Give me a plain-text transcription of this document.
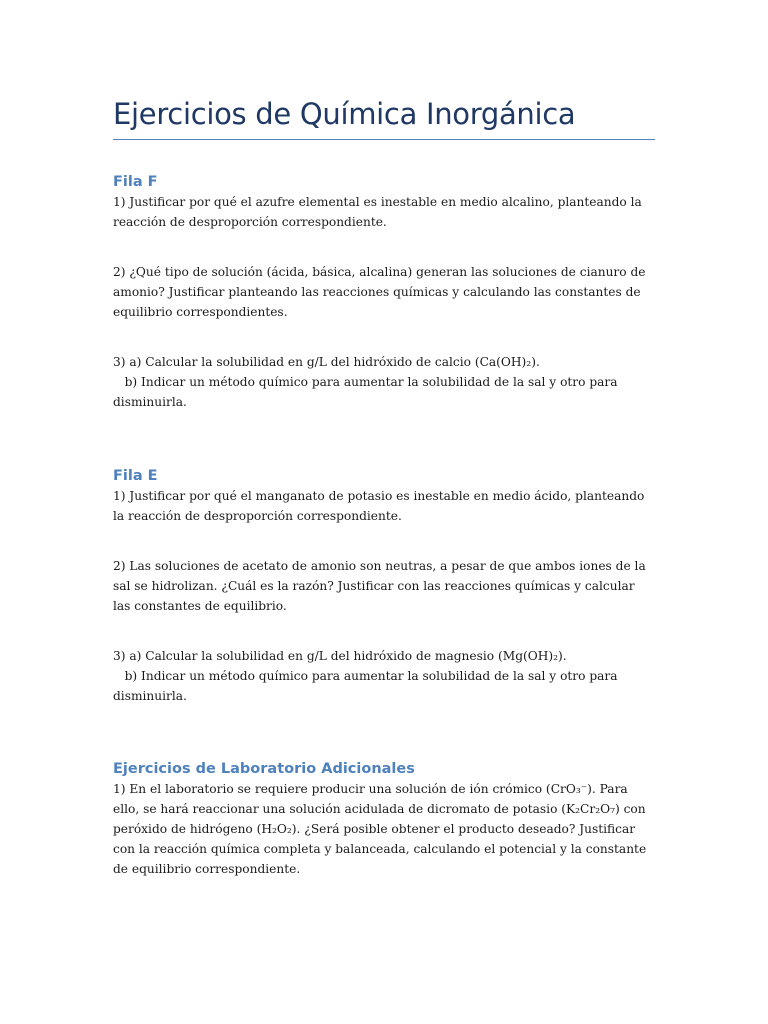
Ejercicios de Química Inorgánica
Fila F

1) Justificar por qué el azufre elemental es inestable en medio alcalino, planteando la reacción de desproporción correspondiente.

2) ¿Qué tipo de solución (ácida, básica, alcalina) generan las soluciones de cianuro de amonio? Justificar planteando las reacciones químicas y calculando las constantes de equilibrio correspondientes.

3) a) Calcular la solubilidad en g/L del hidróxido de calcio (Ca(OH)₂).
b) Indicar un método químico para aumentar la solubilidad de la sal y otro para disminuirla.

Fila E

1) Justificar por qué el manganato de potasio es inestable en medio ácido, planteando la reacción de desproporción correspondiente.

2) Las soluciones de acetato de amonio son neutras, a pesar de que ambos iones de la sal se hidrolizan. ¿Cuál es la razón? Justificar con las reacciones químicas y calcular las constantes de equilibrio.

3) a) Calcular la solubilidad en g/L del hidróxido de magnesio (Mg(OH)₂).
b) Indicar un método químico para aumentar la solubilidad de la sal y otro para disminuirla.

Ejercicios de Laboratorio Adicionales

1) En el laboratorio se requiere producir una solución de ión crómico (CrO₃⁻). Para ello, se hará reaccionar una solución acidulada de dicromato de potasio (K₂Cr₂O₇) con peróxido de hidrógeno (H₂O₂). ¿Será posible obtener el producto deseado? Justificar con la reacción química completa y balanceada, calculando el potencial y la constante de equilibrio correspondiente.
